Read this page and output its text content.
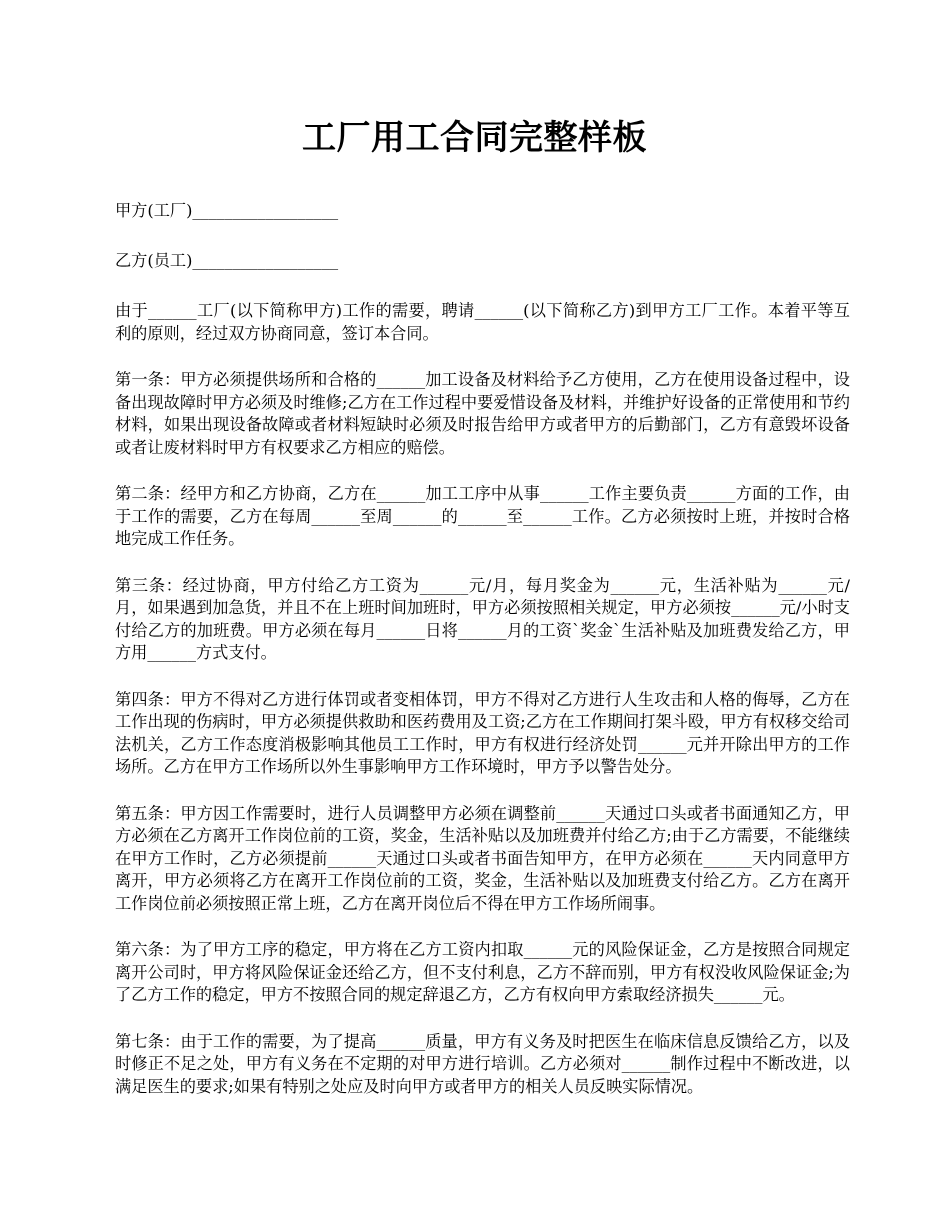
工厂用工合同完整样板

甲方(工厂)__________________

乙方(员工)__________________

由于______工厂(以下简称甲方)工作的需要，聘请______(以下简称乙方)到甲方工厂工作。本着平等互利的原则，经过双方协商同意，签订本合同。

第一条：甲方必须提供场所和合格的______加工设备及材料给予乙方使用，乙方在使用设备过程中，设备出现故障时甲方必须及时维修;乙方在工作过程中要爱惜设备及材料，并维护好设备的正常使用和节约材料，如果出现设备故障或者材料短缺时必须及时报告给甲方或者甲方的后勤部门，乙方有意毁坏设备或者让废材料时甲方有权要求乙方相应的赔偿。

第二条：经甲方和乙方协商，乙方在______加工工序中从事______工作主要负责______方面的工作，由于工作的需要，乙方在每周______至周______的______至______工作。乙方必须按时上班，并按时合格地完成工作任务。

第三条：经过协商，甲方付给乙方工资为______元/月，每月奖金为______元，生活补贴为______元/月，如果遇到加急货，并且不在上班时间加班时，甲方必须按照相关规定，甲方必须按______元/小时支付给乙方的加班费。甲方必须在每月______日将______月的工资`奖金`生活补贴及加班费发给乙方，甲方用______方式支付。

第四条：甲方不得对乙方进行体罚或者变相体罚，甲方不得对乙方进行人生攻击和人格的侮辱，乙方在工作出现的伤病时，甲方必须提供救助和医药费用及工资;乙方在工作期间打架斗殴，甲方有权移交给司法机关，乙方工作态度消极影响其他员工工作时，甲方有权进行经济处罚______元并开除出甲方的工作场所。乙方在甲方工作场所以外生事影响甲方工作环境时，甲方予以警告处分。

第五条：甲方因工作需要时，进行人员调整甲方必须在调整前______天通过口头或者书面通知乙方，甲方必须在乙方离开工作岗位前的工资，奖金，生活补贴以及加班费并付给乙方;由于乙方需要，不能继续在甲方工作时，乙方必须提前______天通过口头或者书面告知甲方，在甲方必须在______天内同意甲方离开，甲方必须将乙方在离开工作岗位前的工资，奖金，生活补贴以及加班费支付给乙方。乙方在离开工作岗位前必须按照正常上班，乙方在离开岗位后不得在甲方工作场所闹事。

第六条：为了甲方工序的稳定，甲方将在乙方工资内扣取______元的风险保证金，乙方是按照合同规定离开公司时，甲方将风险保证金还给乙方，但不支付利息，乙方不辞而别，甲方有权没收风险保证金;为了乙方工作的稳定，甲方不按照合同的规定辞退乙方，乙方有权向甲方索取经济损失______元。

第七条：由于工作的需要，为了提高______质量，甲方有义务及时把医生在临床信息反馈给乙方，以及时修正不足之处，甲方有义务在不定期的对甲方进行培训。乙方必须对______制作过程中不断改进，以满足医生的要求;如果有特别之处应及时向甲方或者甲方的相关人员反映实际情况。
